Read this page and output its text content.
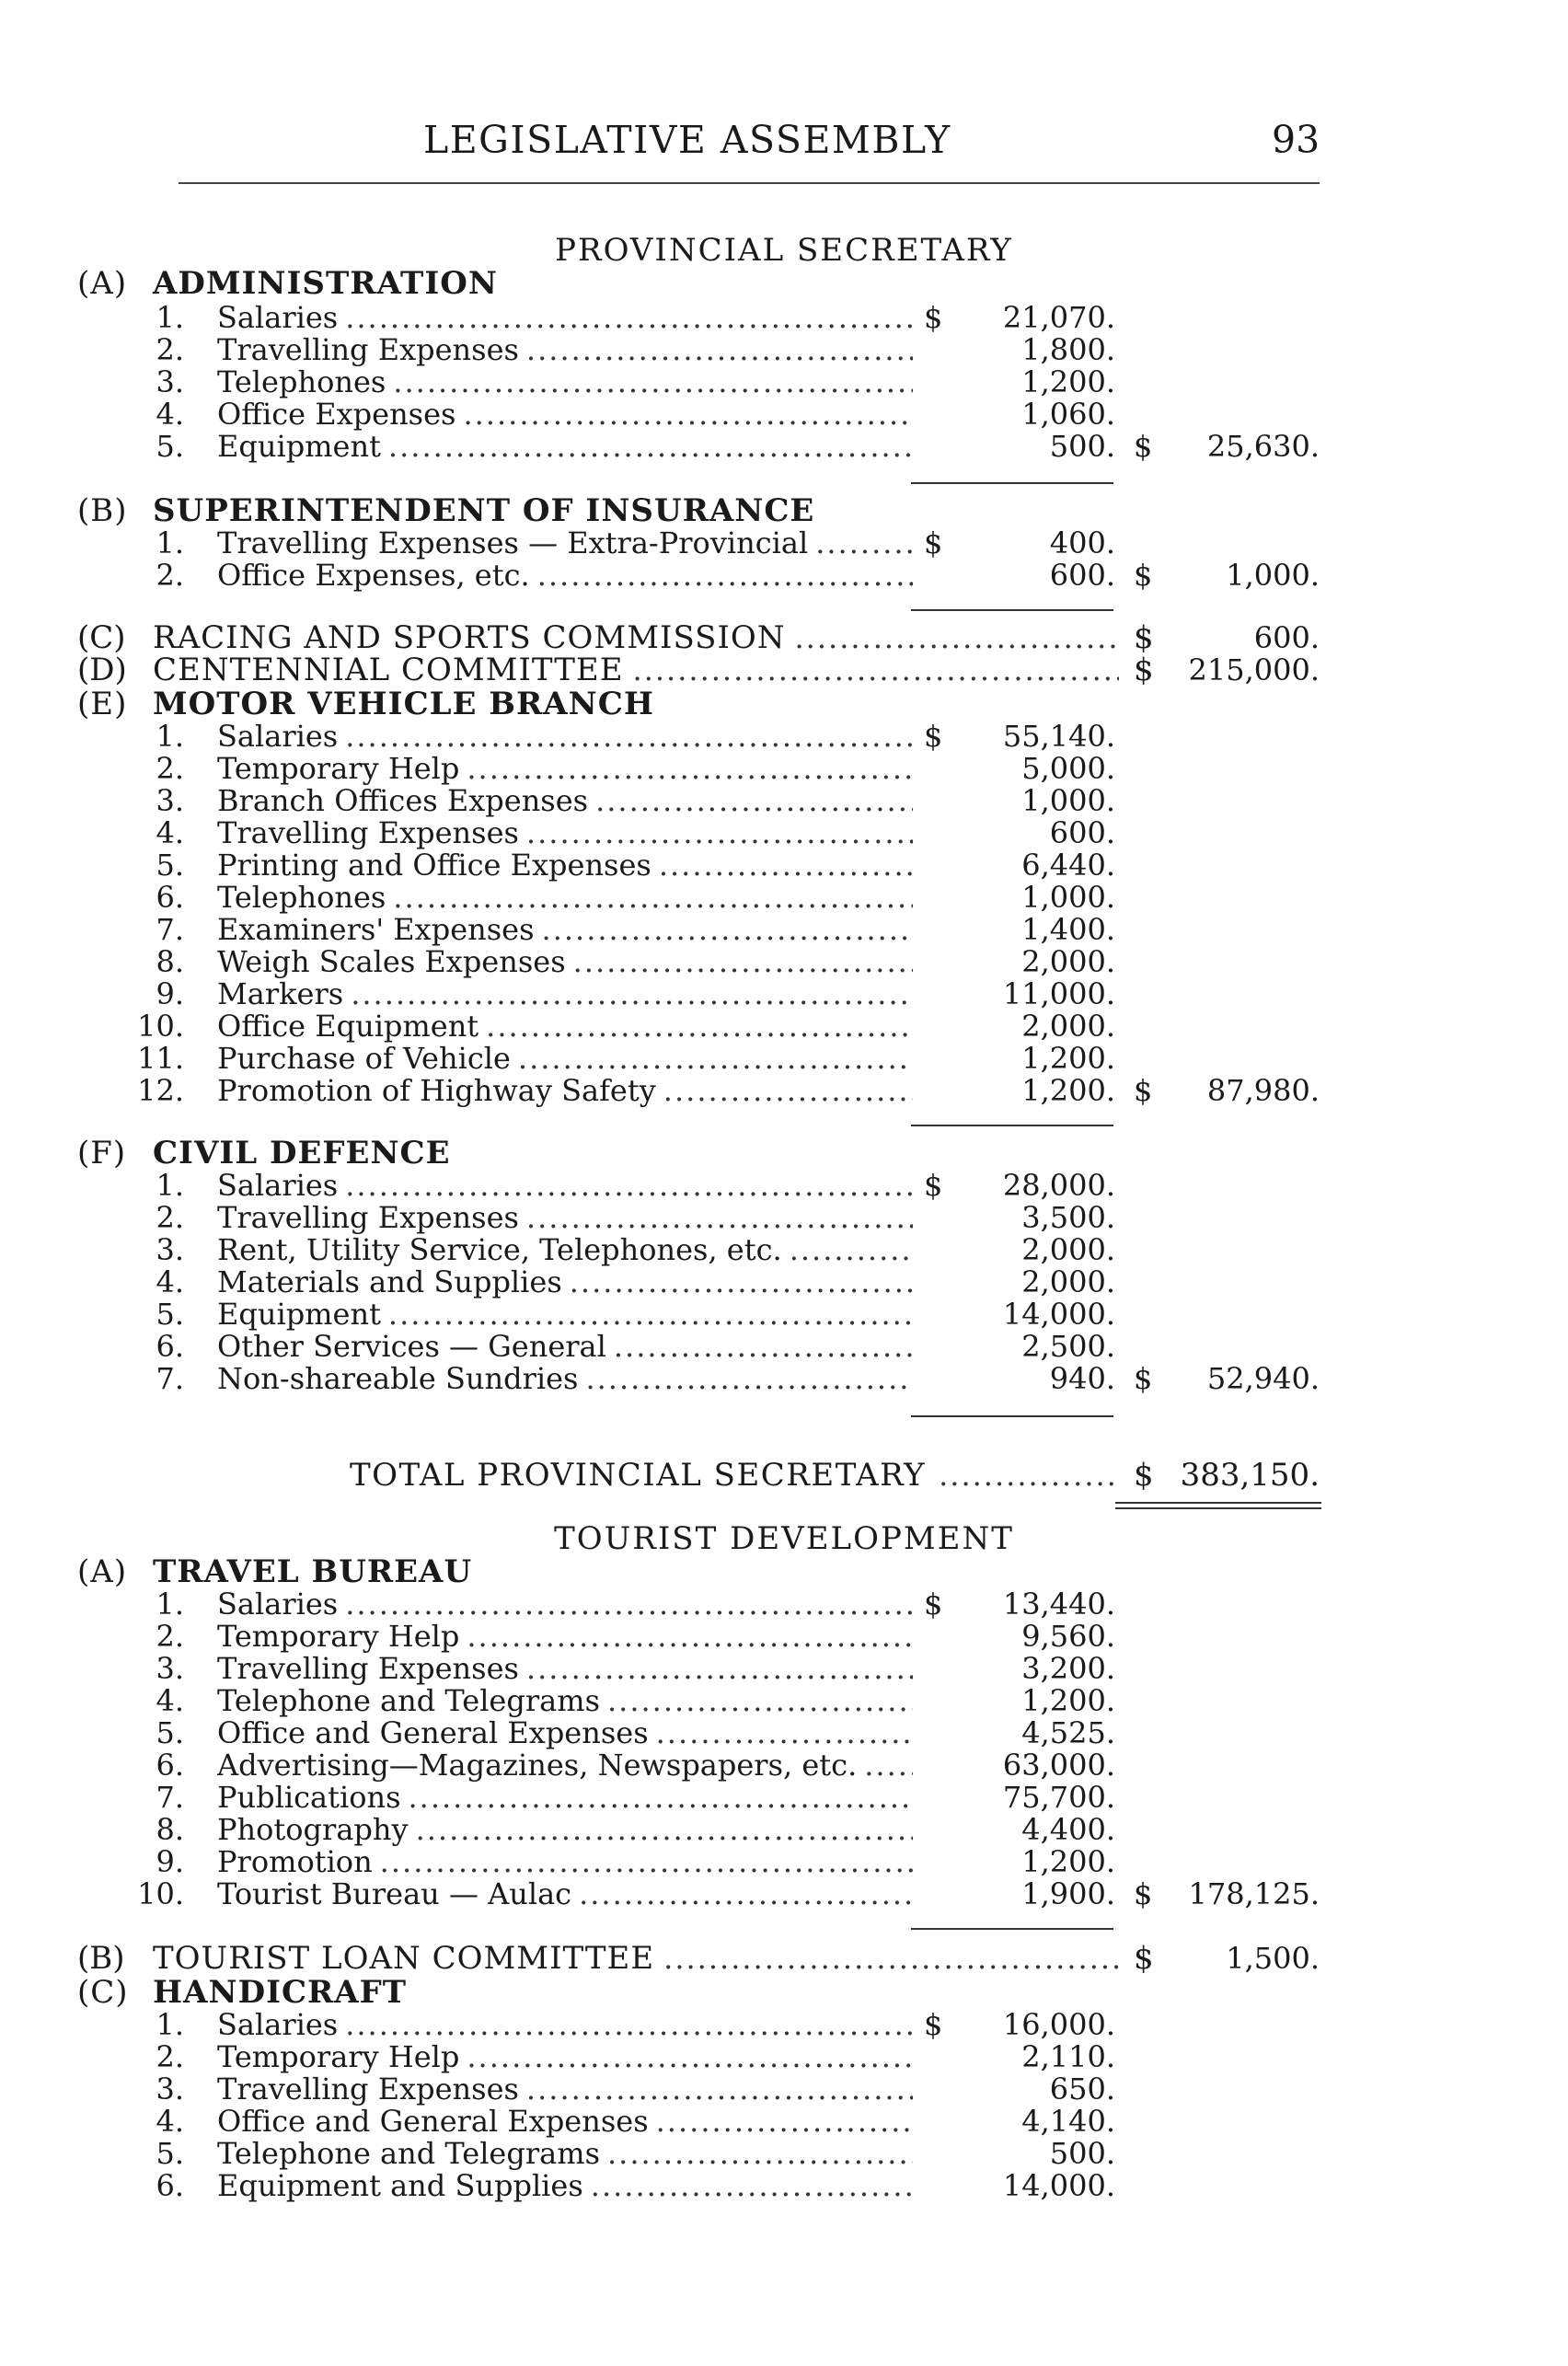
LEGISLATIVE ASSEMBLY	93
PROVINCIAL SECRETARY
(A) ADMINISTRATION
1. Salaries .....	$	21,070.
2. Travelling Expenses .....	1,800.
3. Telephones .....	1,200.
4. Office Expenses .....	1,060.
5. Equipment .....	500. $	25,630.
(B) SUPERINTENDENT OF INSURANCE
1. Travelling Expenses — Extra-Provincial .....	$	400.
2. Office Expenses, etc. .....	600. $	1,000.
(C) RACING AND SPORTS COMMISSION .....	$	600.
(D) CENTENNIAL COMMITTEE .....	$	215,000.
(E) MOTOR VEHICLE BRANCH
1. Salaries .....	$	55,140.
2. Temporary Help .....	5,000.
3. Branch Offices Expenses .....	1,000.
4. Travelling Expenses .....	600.
5. Printing and Office Expenses .....	6,440.
6. Telephones .....	1,000.
7. Examiners' Expenses .....	1,400.
8. Weigh Scales Expenses .....	2,000.
9. Markers .....	11,000.
10. Office Equipment .....	2,000.
11. Purchase of Vehicle .....	1,200.
12. Promotion of Highway Safety .....	1,200. $	87,980.
(F) CIVIL DEFENCE
1. Salaries .....	$	28,000.
2. Travelling Expenses .....	3,500.
3. Rent, Utility Service, Telephones, etc. .....	2,000.
4. Materials and Supplies .....	2,000.
5. Equipment .....	14,000.
6. Other Services — General .....	2,500.
7. Non-shareable Sundries .....	940. $	52,940.
TOTAL PROVINCIAL SECRETARY .....	$ 383,150.
TOURIST DEVELOPMENT
(A) TRAVEL BUREAU
1. Salaries .....	$	13,440.
2. Temporary Help .....	9,560.
3. Travelling Expenses .....	3,200.
4. Telephone and Telegrams .....	1,200.
5. Office and General Expenses .....	4,525.
6. Advertising—Magazines, Newspapers, etc. .....	63,000.
7. Publications .....	75,700.
8. Photography .....	4,400.
9. Promotion .....	1,200.
10. Tourist Bureau — Aulac .....	1,900. $	178,125.
(B) TOURIST LOAN COMMITTEE .....	$	1,500.
(C) HANDICRAFT
1. Salaries .....	$	16,000.
2. Temporary Help .....	2,110.
3. Travelling Expenses .....	650.
4. Office and General Expenses .....	4,140.
5. Telephone and Telegrams .....	500.
6. Equipment and Supplies .....	14,000.
